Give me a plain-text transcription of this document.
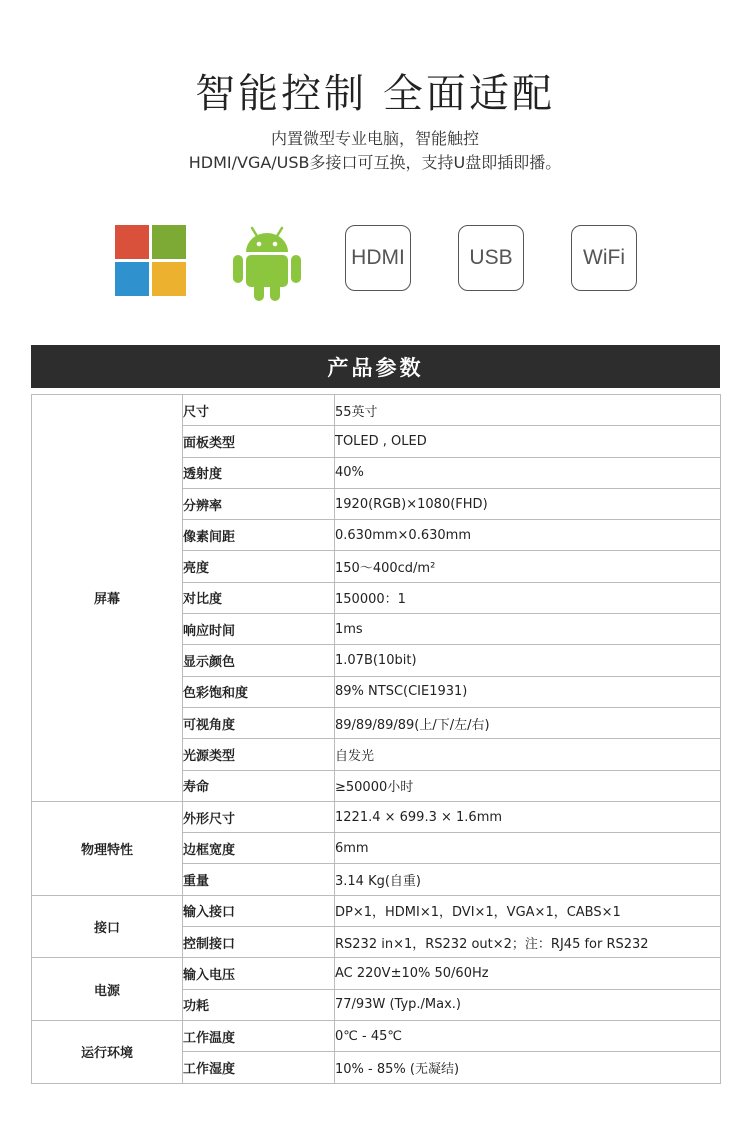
智能控制 全面适配
内置微型专业电脑，智能触控
HDMI/VGA/USB多接口可互换，支持U盘即插即播。
HDMI	USB	WiFi
产品参数
屏幕	尺寸	55英寸
	面板类型	TOLED , OLED
	透射度	40%
	分辨率	1920(RGB)×1080(FHD)
	像素间距	0.630mm×0.630mm
	亮度	150～400cd/m²
	对比度	150000：1
	响应时间	1ms
	显示颜色	1.07B(10bit)
	色彩饱和度	89% NTSC(CIE1931)
	可视角度	89/89/89/89(上/下/左/右)
	光源类型	自发光
	寿命	≥50000小时
物理特性	外形尺寸	1221.4 × 699.3 × 1.6mm
	边框宽度	6mm
	重量	3.14 Kg(自重)
接口	输入接口	DP×1，HDMI×1，DVI×1，VGA×1，CABS×1
	控制接口	RS232 in×1，RS232 out×2；注：RJ45 for RS232
电源	输入电压	AC 220V±10% 50/60Hz
	功耗	77/93W (Typ./Max.)
运行环境	工作温度	0℃ - 45℃
	工作湿度	10% - 85% (无凝结)
